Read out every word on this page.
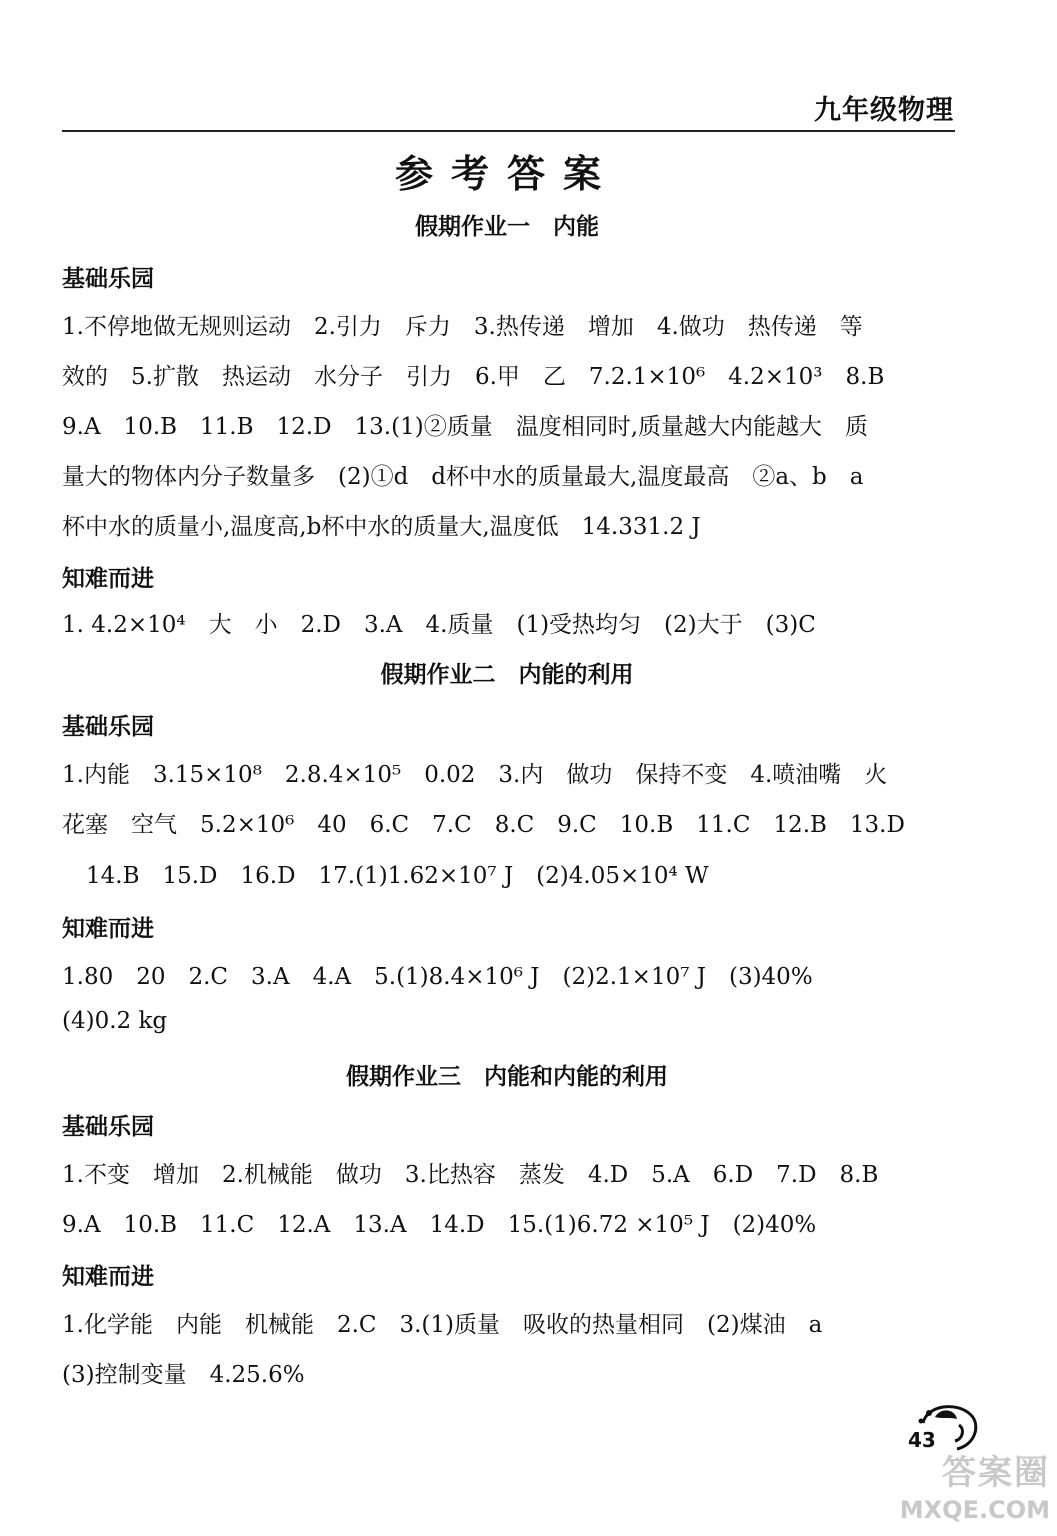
九年级物理
参考答案
假期作业一　内能
基础乐园
1.不停地做无规则运动　2.引力　斥力　3.热传递　增加　4.做功　热传递　等
效的　5.扩散　热运动　水分子　引力　6.甲　乙　7.2.1×10⁶　4.2×10³　8.B
9.A　10.B　11.B　12.D　13.(1)②质量　温度相同时,质量越大内能越大　质
量大的物体内分子数量多　(2)①d　d杯中水的质量最大,温度最高　②a、b　a
杯中水的质量小,温度高,b杯中水的质量大,温度低　14.331.2 J
知难而进
1. 4.2×10⁴　大　小　2.D　3.A　4.质量　(1)受热均匀　(2)大于　(3)C
假期作业二　内能的利用
基础乐园
1.内能　3.15×10⁸　2.8.4×10⁵　0.02　3.内　做功　保持不变　4.喷油嘴　火
花塞　空气　5.2×10⁶　40　6.C　7.C　8.C　9.C　10.B　11.C　12.B　13.D
14.B　15.D　16.D　17.(1)1.62×10⁷ J　(2)4.05×10⁴ W
知难而进
1.80　20　2.C　3.A　4.A　5.(1)8.4×10⁶ J　(2)2.1×10⁷ J　(3)40%
(4)0.2 kg
假期作业三　内能和内能的利用
基础乐园
1.不变　增加　2.机械能　做功　3.比热容　蒸发　4.D　5.A　6.D　7.D　8.B
9.A　10.B　11.C　12.A　13.A　14.D　15.(1)6.72 ×10⁵ J　(2)40%
知难而进
1.化学能　内能　机械能　2.C　3.(1)质量　吸收的热量相同　(2)煤油　a
(3)控制变量　4.25.6%
43
答案圈
MXQE.COM
